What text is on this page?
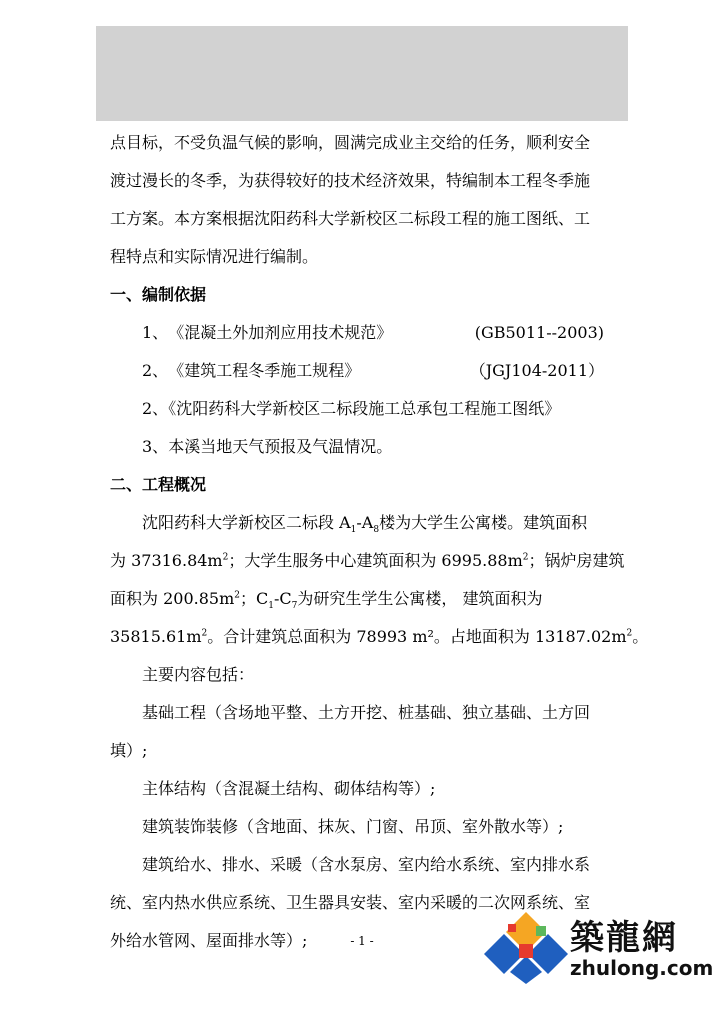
点目标，不受负温气候的影响，圆满完成业主交给的任务，顺利安全

渡过漫长的冬季，为获得较好的技术经济效果，特编制本工程冬季施

工方案。本方案根据沈阳药科大学新校区二标段工程的施工图纸、工

程特点和实际情况进行编制。

一、编制依据

1、 《混凝土外加剂应用技术规范》	(GB5011--2003)

2、 《建筑工程冬季施工规程》	（JGJ104-2011）

2、《沈阳药科大学新校区二标段施工总承包工程施工图纸》

3、本溪当地天气预报及气温情况。

二、工程概况

沈阳药科大学新校区二标段 $A_1-A_8$楼为大学生公寓楼。建筑面积

为 $37316.84m^2$；大学生服务中心建筑面积为 $6995.88m^2$；锅炉房建筑

面积为 $200.85m^2$；$C_1-C_7$为研究生学生公寓楼， 建筑面积为

$35815.61m^2$。合计建筑总面积为 78993 m²。占地面积为 $13187.02m^2$。

主要内容包括：

基础工程（含场地平整、土方开挖、桩基础、独立基础、土方回

填）;

主体结构（含混凝土结构、砌体结构等）;

建筑装饰装修（含地面、抹灰、门窗、吊顶、室外散水等）;

建筑给水、排水、采暖（含水泵房、室内给水系统、室内排水系

统、室内热水供应系统、卫生器具安装、室内采暖的二次网系统、室

外给水管网、屋面排水等）;	- 1 -	築龍網
zhulong.com
